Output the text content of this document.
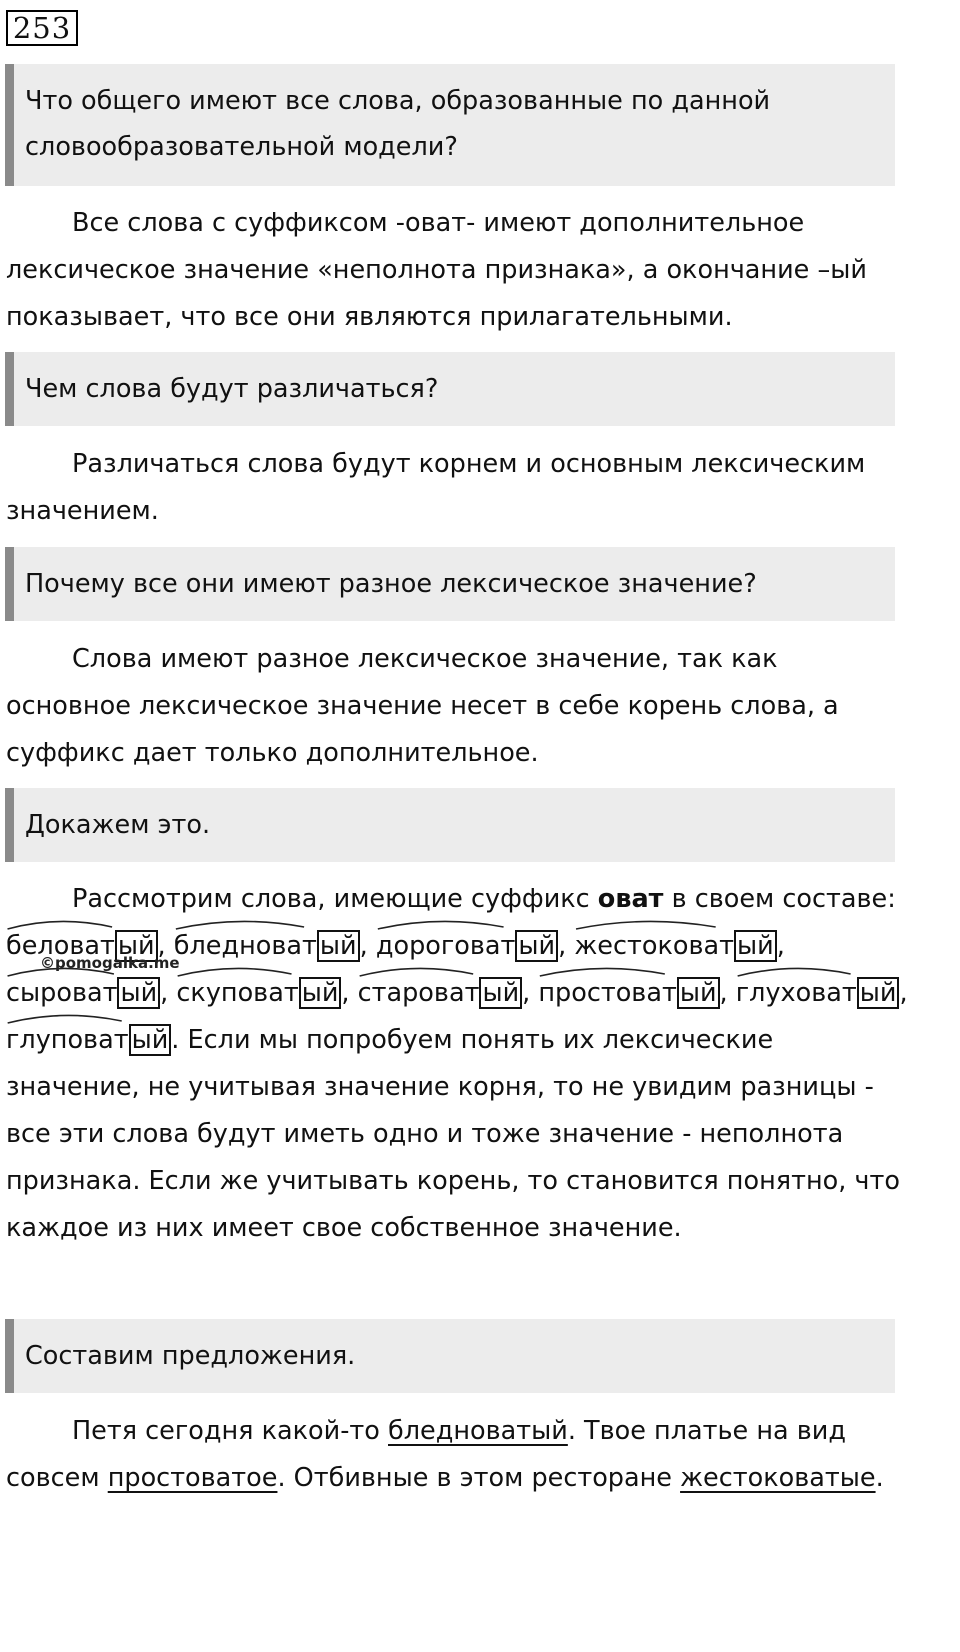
253
Что общего имеют все слова, образованные по данной словообразовательной модели?
Все слова с суффиксом -оват- имеют дополнительное лексическое значение «неполнота признака», а окончание –ый показывает, что все они являются прилагательными.
Чем слова будут различаться?
Различаться слова будут корнем и основным лексическим значением.
Почему все они имеют разное лексическое значение?
Слова имеют разное лексическое значение, так как основное лексическое значение несет в себе корень слова, а суффикс дает только дополнительное.
Докажем это.
Рассмотрим слова, имеющие суффикс оват в своем составе:
беловат ый , бледноват ый , дороговат ый , жестоковат ый ,
сыроват ый , скуповат ый , староват ый , простоват ый , глуховат ый ,
глуповат ый . Если мы попробуем понять их лексические значение, не учитывая значение корня, то не увидим разницы - все эти слова будут иметь одно и тоже значение - неполнота признака. Если же учитывать корень, то становится понятно, что каждое из них имеет свое собственное значение.
©pomogalka.me
Составим предложения.
Петя сегодня какой-то бледноватый. Твое платье на вид совсем простоватое. Отбивные в этом ресторане жестоковатые.
